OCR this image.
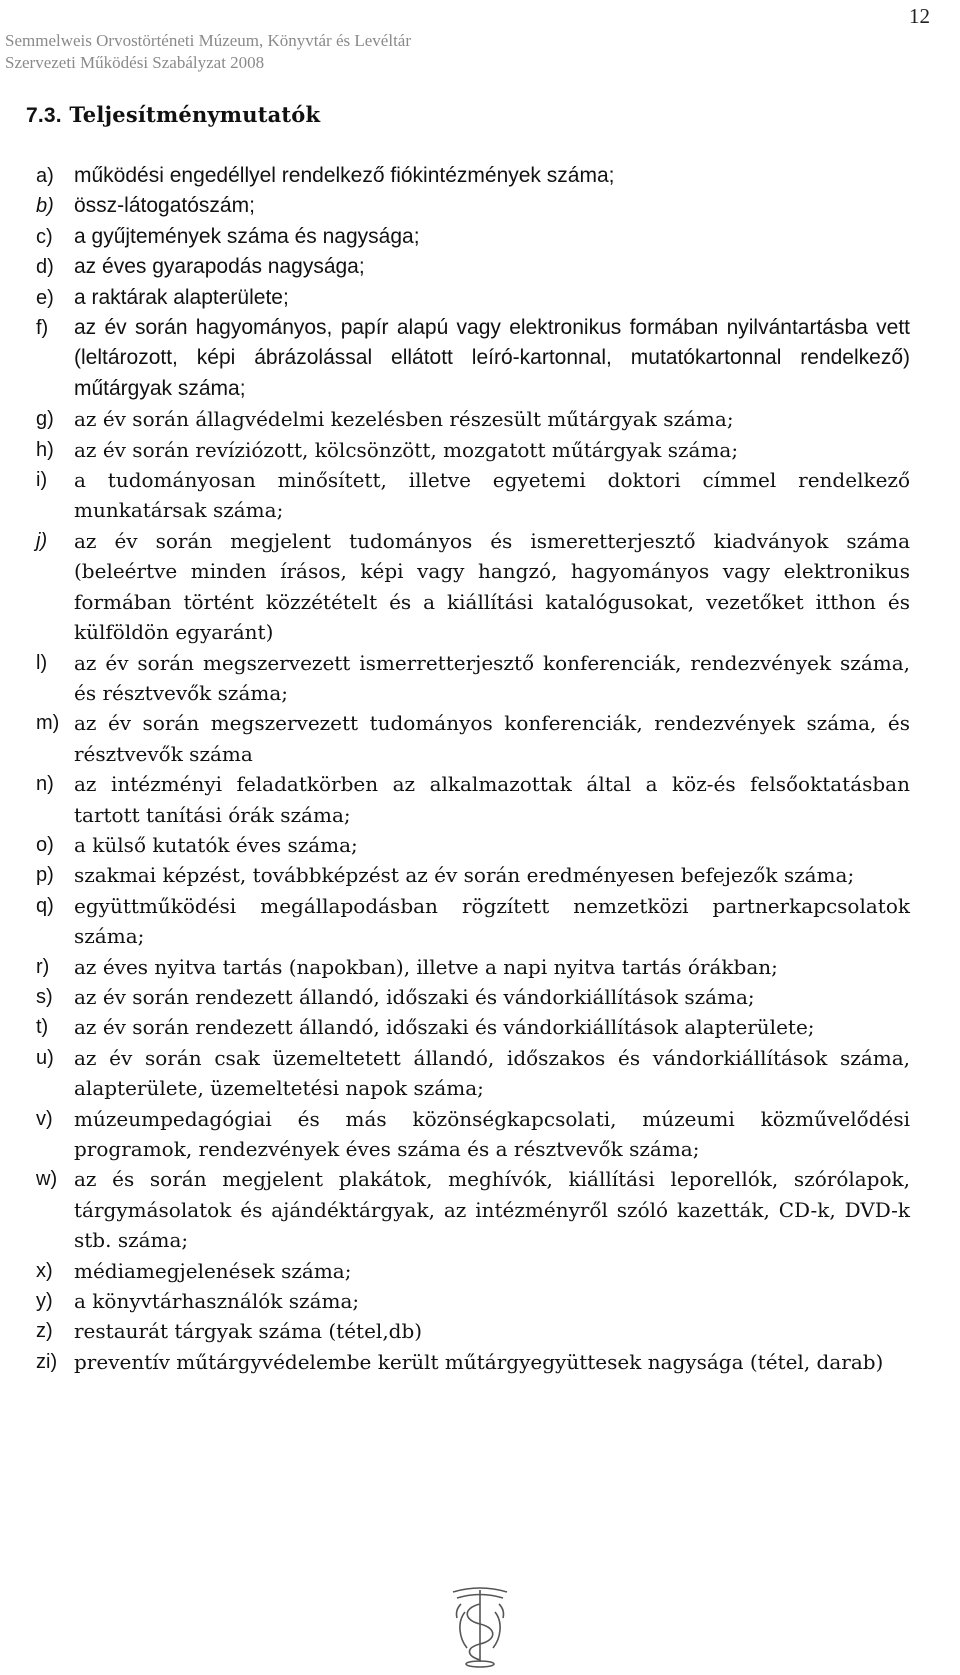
12
Semmelweis Orvostörténeti Múzeum, Könyvtár és Levéltár
Szervezeti Működési Szabályzat 2008
7.3. Teljesítménymutatók
a) működési engedéllyel rendelkező fiókintézmények száma;
b) össz-látogatószám;
c) a gyűjtemények száma és nagysága;
d) az éves gyarapodás nagysága;
e) a raktárak alapterülete;
f) az év során hagyományos, papír alapú vagy elektronikus formában nyilvántartásba vett (leltározott, képi ábrázolással ellátott leíró-kartonnal, mutatókartonnal rendelkező) műtárgyak száma;
g) az év során állagvédelmi kezelésben részesült műtárgyak száma;
h) az év során revíziózott, kölcsönzött, mozgatott műtárgyak száma;
i) a tudományosan minősített, illetve egyetemi doktori címmel rendelkező munkatársak száma;
j) az év során megjelent tudományos és ismeretterjesztő kiadványok száma (beleértve minden írásos, képi vagy hangzó, hagyományos vagy elektronikus formában történt közzétételt és a kiállítási katalógusokat, vezetőket itthon és külföldön egyaránt)
l) az év során megszervezett ismerretterjesztő konferenciák, rendezvények száma, és résztvevők száma;
m) az év során megszervezett tudományos konferenciák, rendezvények száma, és résztvevők száma
n) az intézményi feladatkörben az alkalmazottak által a köz-és felsőoktatásban tartott tanítási órák száma;
o) a külső kutatók éves száma;
p) szakmai képzést, továbbképzést az év során eredményesen befejezők száma;
q) együttműködési megállapodásban rögzített nemzetközi partnerkapcsolatok száma;
r) az éves nyitva tartás (napokban), illetve a napi nyitva tartás órákban;
s) az év során rendezett állandó, időszaki és vándorkiállítások száma;
t) az év során rendezett állandó, időszaki és vándorkiállítások alapterülete;
u) az év során csak üzemeltetett állandó, időszakos és vándorkiállítások száma, alapterülete, üzemeltetési napok száma;
v) múzeumpedagógiai és más közönségkapcsolati, múzeumi közművelődési programok, rendezvények éves száma és a résztvevők száma;
w) az és során megjelent plakátok, meghívók, kiállítási leporellók, szórólapok, tárgymásolatok és ajándéktárgyak, az intézményről szóló kazetták, CD-k, DVD-k stb. száma;
x) médiamegjelenések száma;
y) a könyvtárhasználók száma;
z) restaurát tárgyak száma (tétel,db)
zi) preventív műtárgyvédelembe került műtárgyegyüttesek nagysága (tétel, darab)
